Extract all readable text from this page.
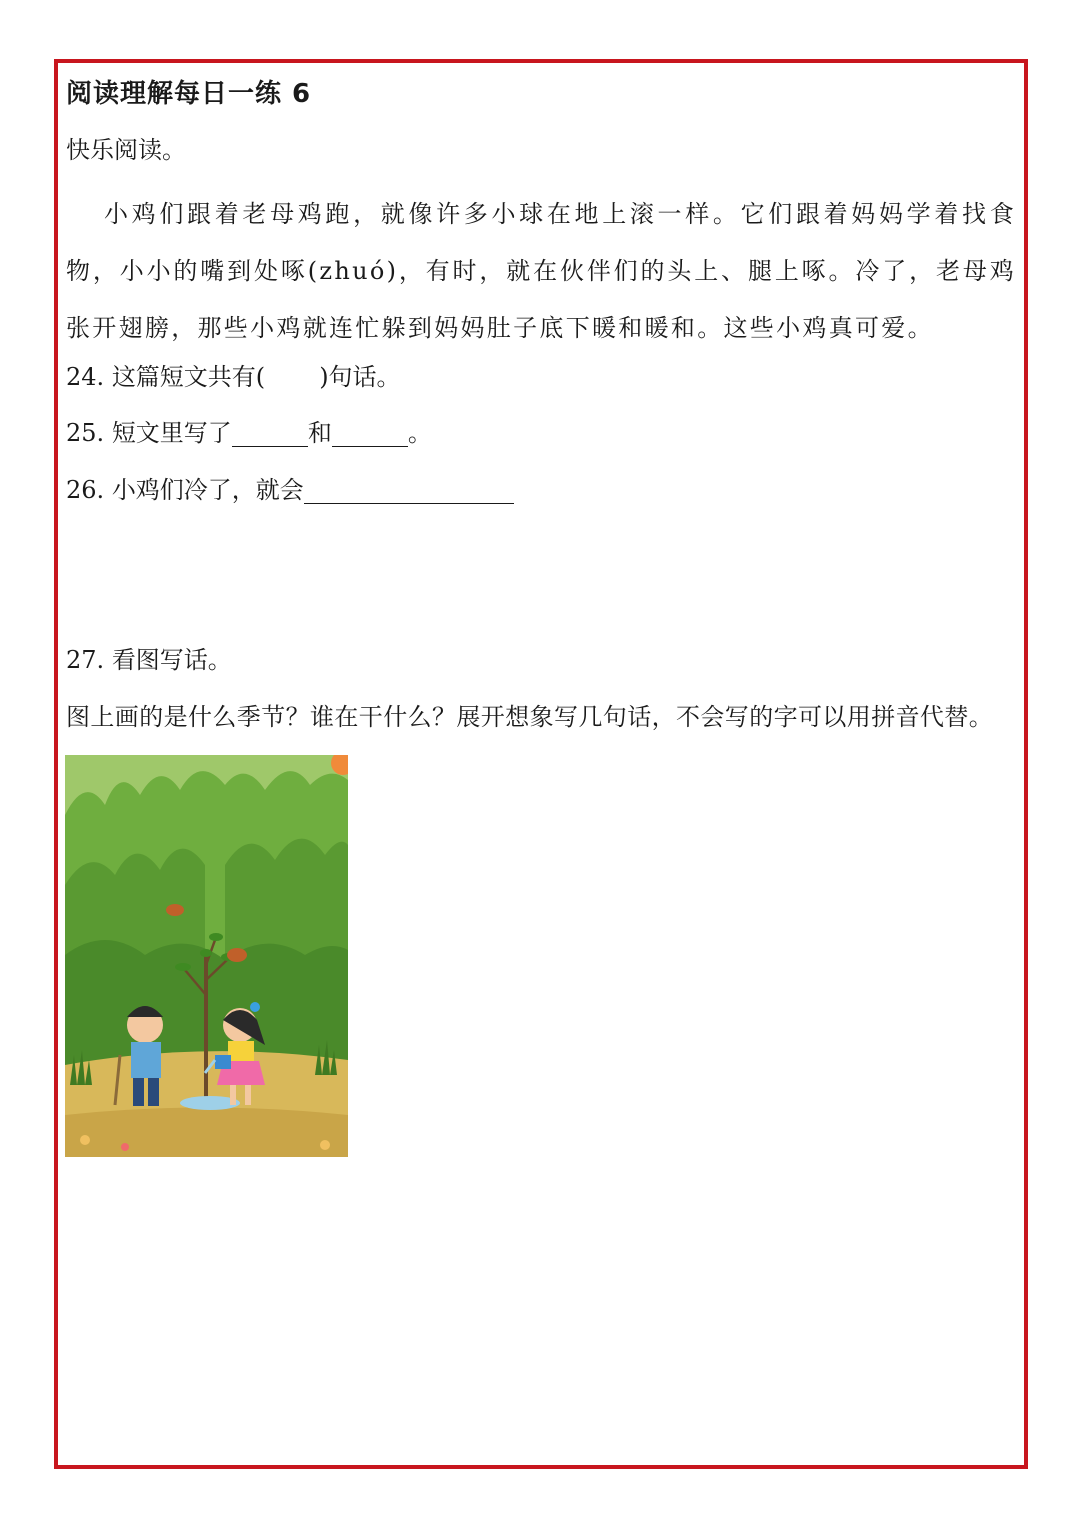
阅读理解每日一练 6
快乐阅读。
小鸡们跟着老母鸡跑，就像许多小球在地上滚一样。它们跟着妈妈学着找食物，小小的嘴到处啄(zhuó)，有时，就在伙伴们的头上、腿上啄。冷了，老母鸡张开翅膀，那些小鸡就连忙躲到妈妈肚子底下暖和暖和。这些小鸡真可爱。
24. 这篇短文共有( )句话。
25. 短文里写了	和	。
26. 小鸡们冷了，就会
27. 看图写话。
图上画的是什么季节？谁在干什么？展开想象写几句话，不会写的字可以用拼音代替。
